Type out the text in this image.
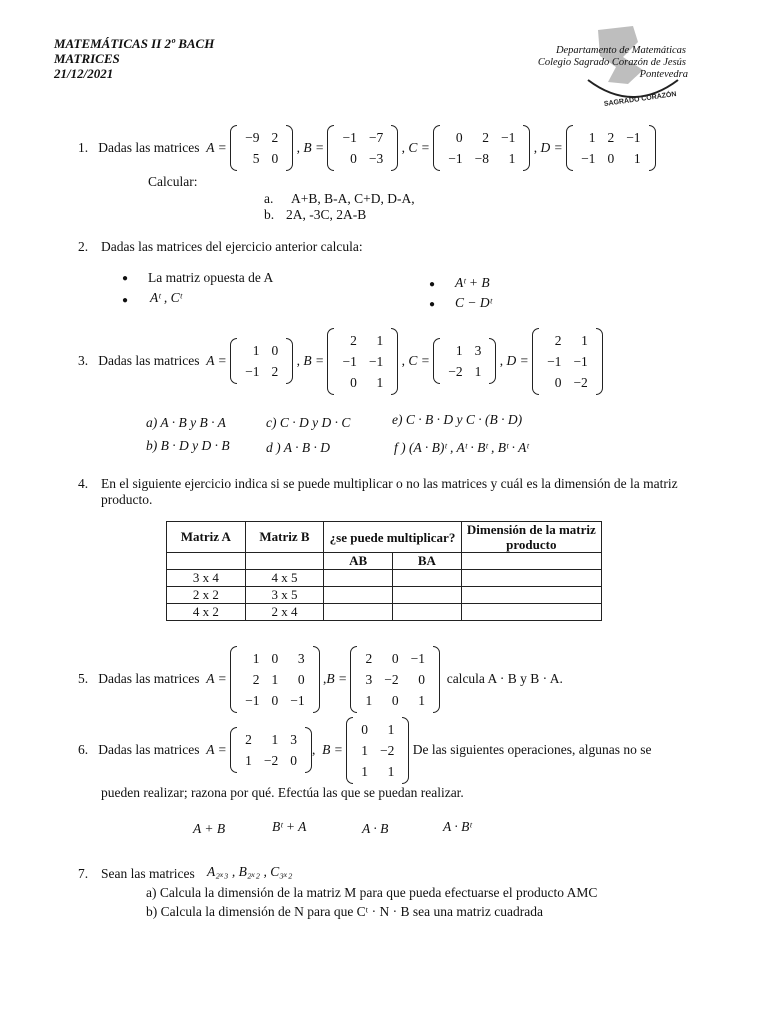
MATEMÁTICAS II 2º BACH
MATRICES
21/12/2021
SAGRADO CORAZÓN
Departamento de Matemáticas
Colegio Sagrado Corazón de Jesús
Pontevedra
1.
Dadas las matrices
A =

−9	2
5	0
, B =

−1	−7
0	−3
, C =

0	2	−1
−1	−8	1
, D =

1	2	−1
−1	0	1
Calcular:
a. A+B, B-A, C+D, D-A,
b. 2A, -3C, 2A-B
2. Dadas las matrices del ejercicio anterior calcula:
● La matriz opuesta de A
● Aᵗ , Cᵗ
● Aᵗ + B
● C − Dᵗ
3.
Dadas las matrices
A =

1	0
−1	2
, B =

2	1
−1	−1
0	1
, C =

1	3
−2	1
, D =

2	1
−1	−1
0	−2
a) A · B y B · A
b) B · D y D · B
c) C · D y D · C
d ) A · B · D
e) C · B · D y C · (B · D)
f ) (A · B)ᵗ , Aᵗ · Bᵗ , Bᵗ · Aᵗ
4. En el siguiente ejercicio indica si se puede multiplicar o no las matrices y cuál es la dimensión de la matriz producto.
Matriz A	Matriz B	¿se puede multiplicar?		Dimensión de la matriz producto

		AB	BA	
3 x 4	4 x 5			
2 x 2	3 x 5			
4 x 2	2 x 4			
5.
Dadas las matrices
A =

1	0	3
2	1	0
−1	0	−1
, B =

2	0	−1
3	−2	0
1	0	1

calcula A · B y B · A.
6.
Dadas las matrices
A =

2	1	3
1	−2	0
, B =

0	1
1	−2
1	1

De las siguientes operaciones, algunas no se
pueden realizar; razona por qué. Efectúa las que se puedan realizar.
A + B	Bᵗ + A	A · B	A · Bᵗ
7. Sean las matrices A₂ₓ₃ , B₂ₓ₂ , C₃ₓ₂
a) Calcula la dimensión de la matriz M para que pueda efectuarse el producto AMC
b) Calcula la dimensión de N para que Cᵗ · N · B sea una matriz cuadrada
